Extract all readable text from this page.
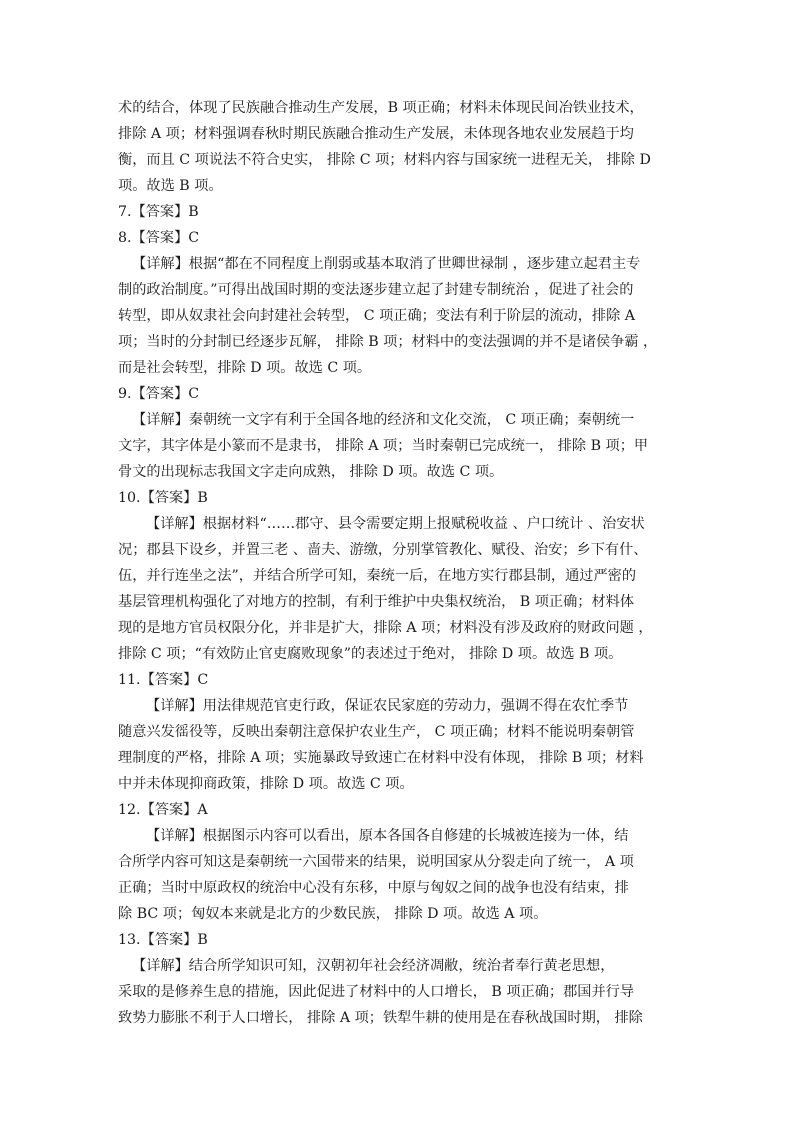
术的结合，体现了民族融合推动生产发展，B 项正确；材料未体现民间冶铁业技术，
排除 A 项；材料强调春秋时期民族融合推动生产发展，未体现各地农业发展趋于均
衡，而且 C 项说法不符合史实， 排除 C 项；材料内容与国家统一进程无关， 排除 D
项。故选 B 项。
7.【答案】B
8.【答案】C
【详解】根据“都在不同程度上削弱或基本取消了世卿世禄制 ，逐步建立起君主专
制的政治制度。”可得出战国时期的变法逐步建立起了封建专制统治 ，促进了社会的
转型，即从奴隶社会向封建社会转型， C 项正确；变法有利于阶层的流动，排除 A
项；当时的分封制已经逐步瓦解， 排除 B 项；材料中的变法强调的并不是诸侯争霸 ，
而是社会转型，排除 D 项。故选 C 项。
9.【答案】C
【详解】秦朝统一文字有利于全国各地的经济和文化交流， C 项正确；秦朝统一
文字，其字体是小篆而不是隶书， 排除 A 项；当时秦朝已完成统一， 排除 B 项；甲
骨文的出现标志我国文字走向成熟， 排除 D 项。故选 C 项。
10.【答案】B
【详解】根据材料“……郡守、县令需要定期上报赋税收益 、户口统计 、治安状
况；郡县下设乡，并置三老 、啬夫、游缴，分别掌管教化、赋役、治安；乡下有什、
伍，并行连坐之法”，并结合所学可知，秦统一后，在地方实行郡县制，通过严密的
基层管理机构强化了对地方的控制，有利于维护中央集权统治， B 项正确；材料体
现的是地方官员权限分化，并非是扩大，排除 A 项；材料没有涉及政府的财政问题 ，
排除 C 项；“有效防止官吏腐败现象”的表述过于绝对， 排除 D 项。故选 B 项。
11.【答案】C
【详解】用法律规范官吏行政，保证农民家庭的劳动力，强调不得在农忙季节
随意兴发徭役等，反映出秦朝注意保护农业生产， C 项正确；材料不能说明秦朝管
理制度的严格，排除 A 项；实施暴政导致速亡在材料中没有体现， 排除 B 项；材料
中并未体现抑商政策，排除 D 项。故选 C 项。
12.【答案】A
【详解】根据图示内容可以看出，原本各国各自修建的长城被连接为一体，结
合所学内容可知这是秦朝统一六国带来的结果，说明国家从分裂走向了统一， A 项
正确；当时中原政权的统治中心没有东移，中原与匈奴之间的战争也没有结束，排
除 BC 项；匈奴本来就是北方的少数民族， 排除 D 项。故选 A 项。
13.【答案】B
【详解】结合所学知识可知，汉朝初年社会经济凋敝，统治者奉行黄老思想，
采取的是修养生息的措施，因此促进了材料中的人口增长， B 项正确；郡国并行导
致势力膨胀不利于人口增长， 排除 A 项；铁犁牛耕的使用是在春秋战国时期， 排除
